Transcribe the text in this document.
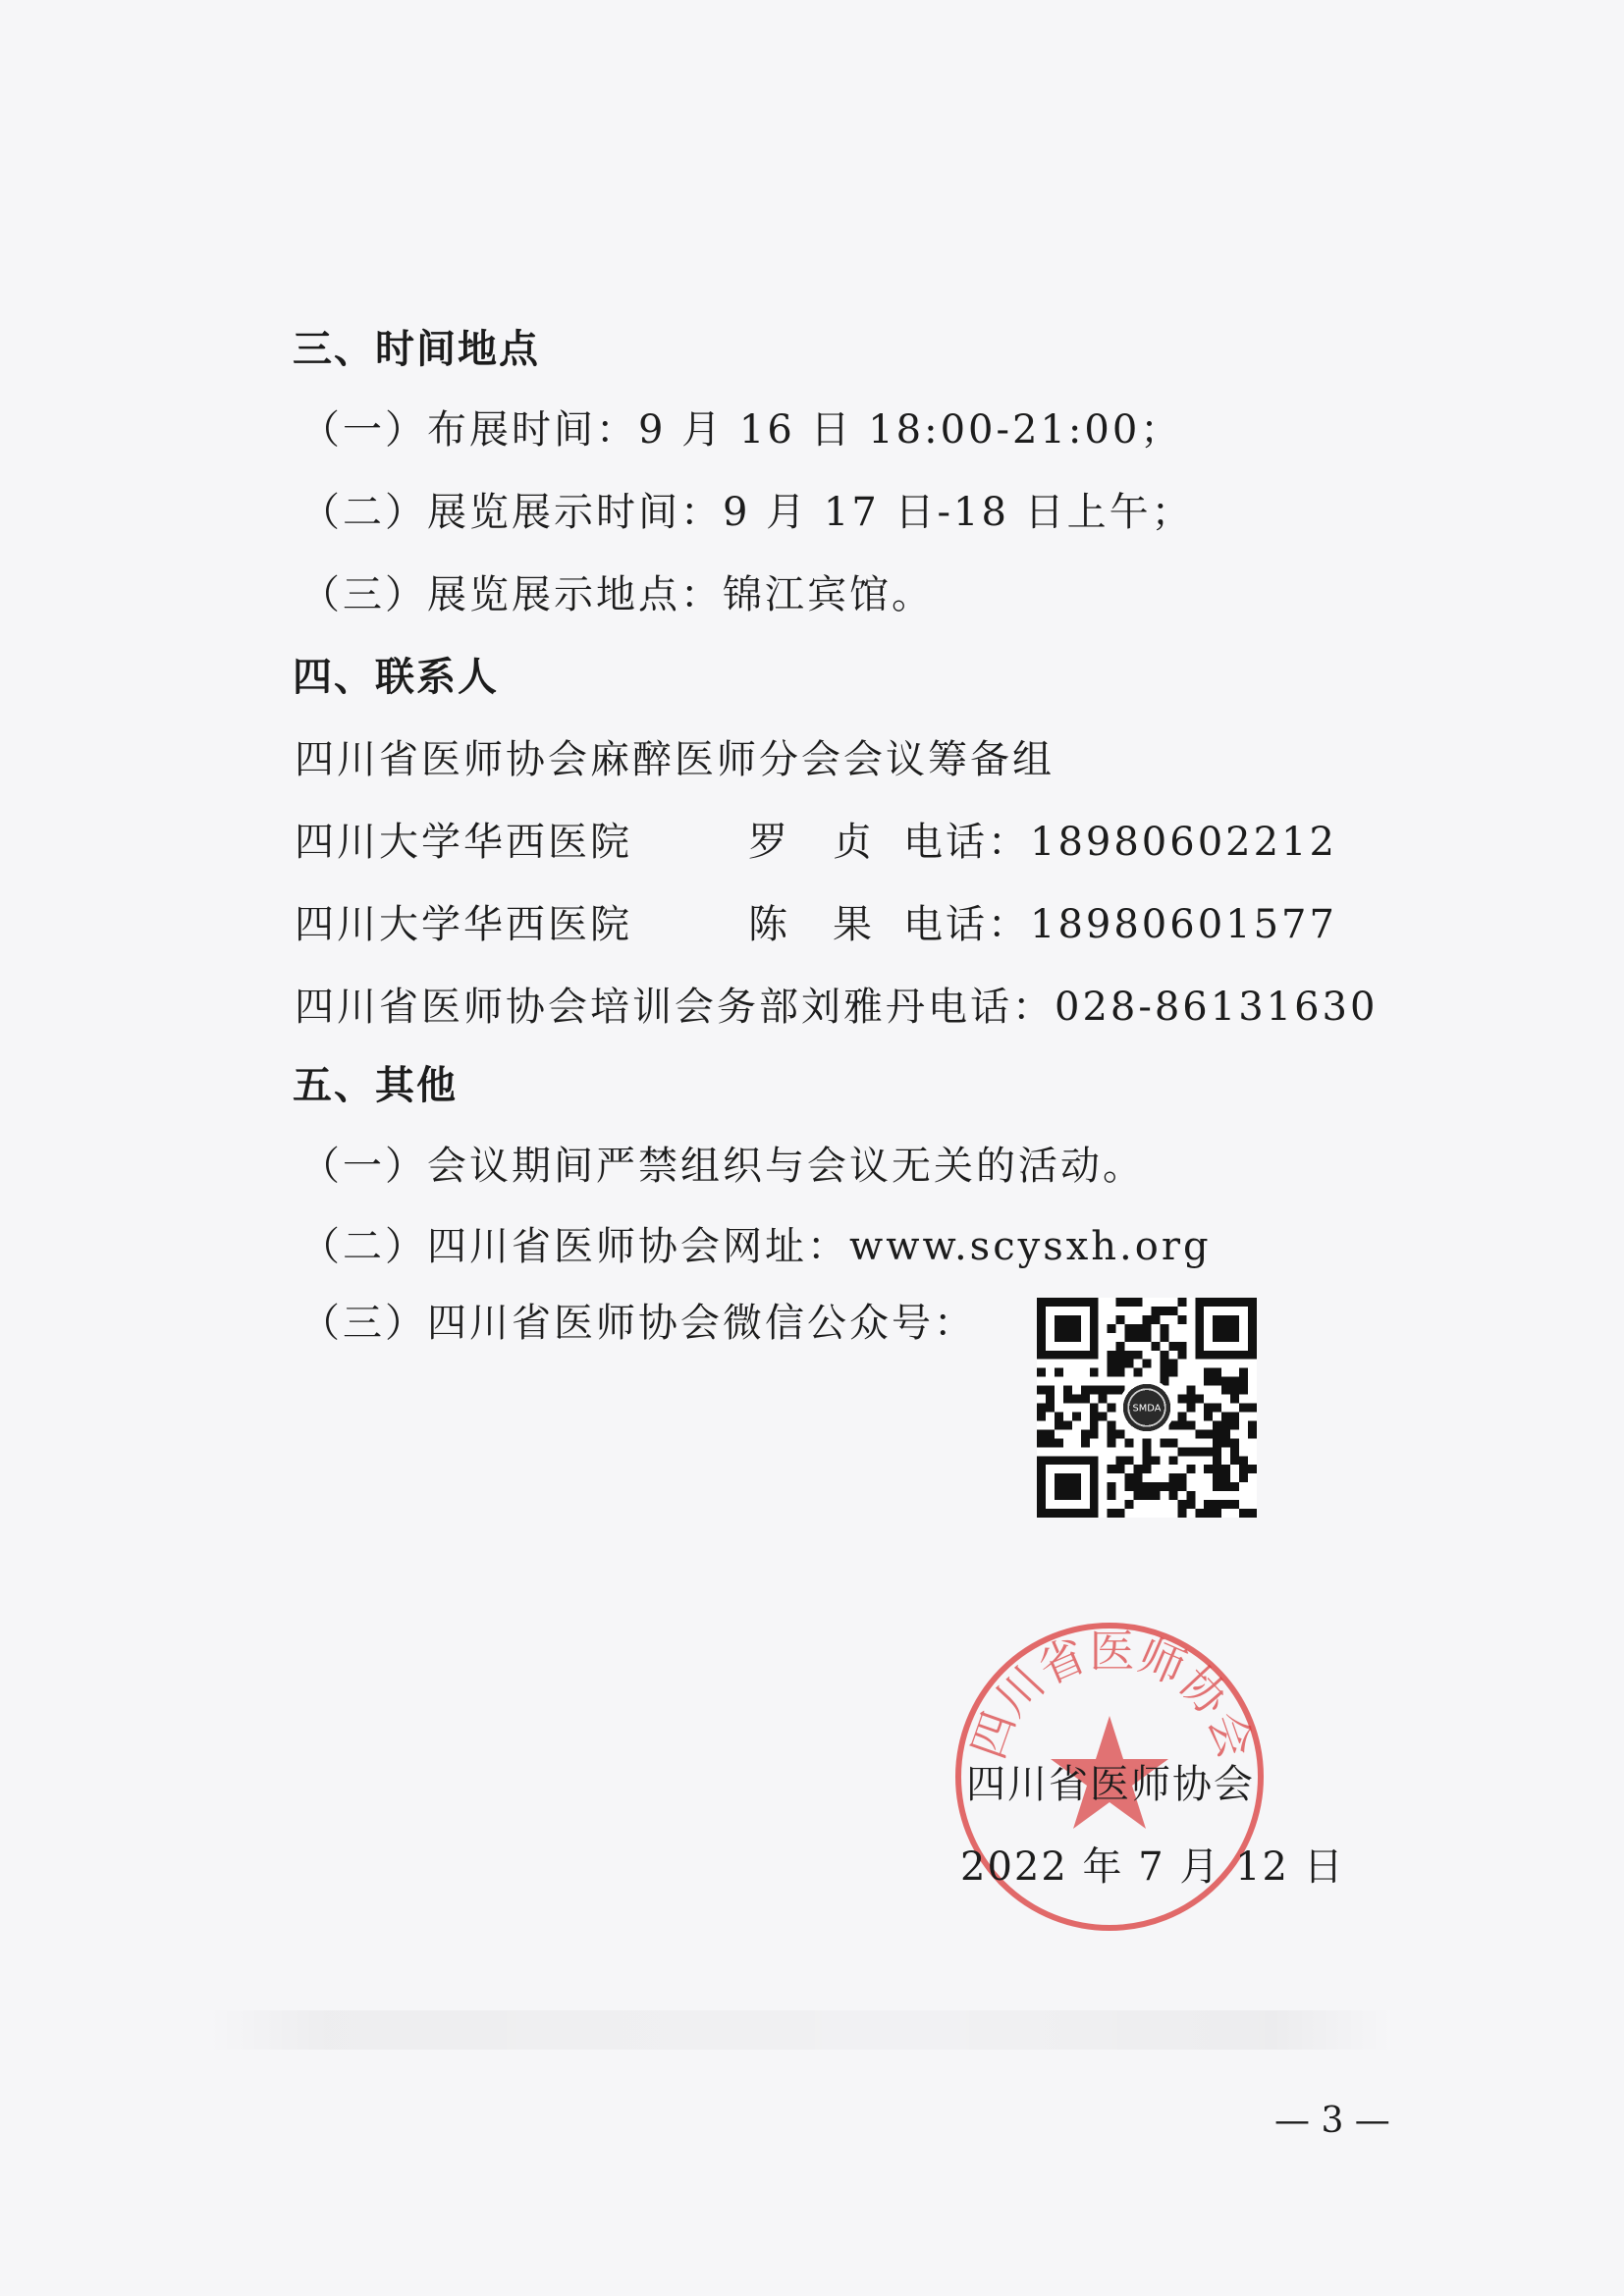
三、时间地点
（一）布展时间：9 月 16 日 18:00-21:00；
（二）展览展示时间：9 月 17 日-18 日上午；
（三）展览展示地点：锦江宾馆。
四、联系人
四川省医师协会麻醉医师分会会议筹备组
四川大学华西医院	罗　贞 电话：18980602212
四川大学华西医院	陈　果 电话：18980601577
四川省医师协会培训会务部刘雅丹电话：028-86131630
五、其他
（一）会议期间严禁组织与会议无关的活动。
（二）四川省医师协会网址：www.scysxh.org
（三）四川省医师协会微信公众号：
SMDA
四川省医师协会
四川省医师协会
2022 年 7 月 12 日
— 3 —
